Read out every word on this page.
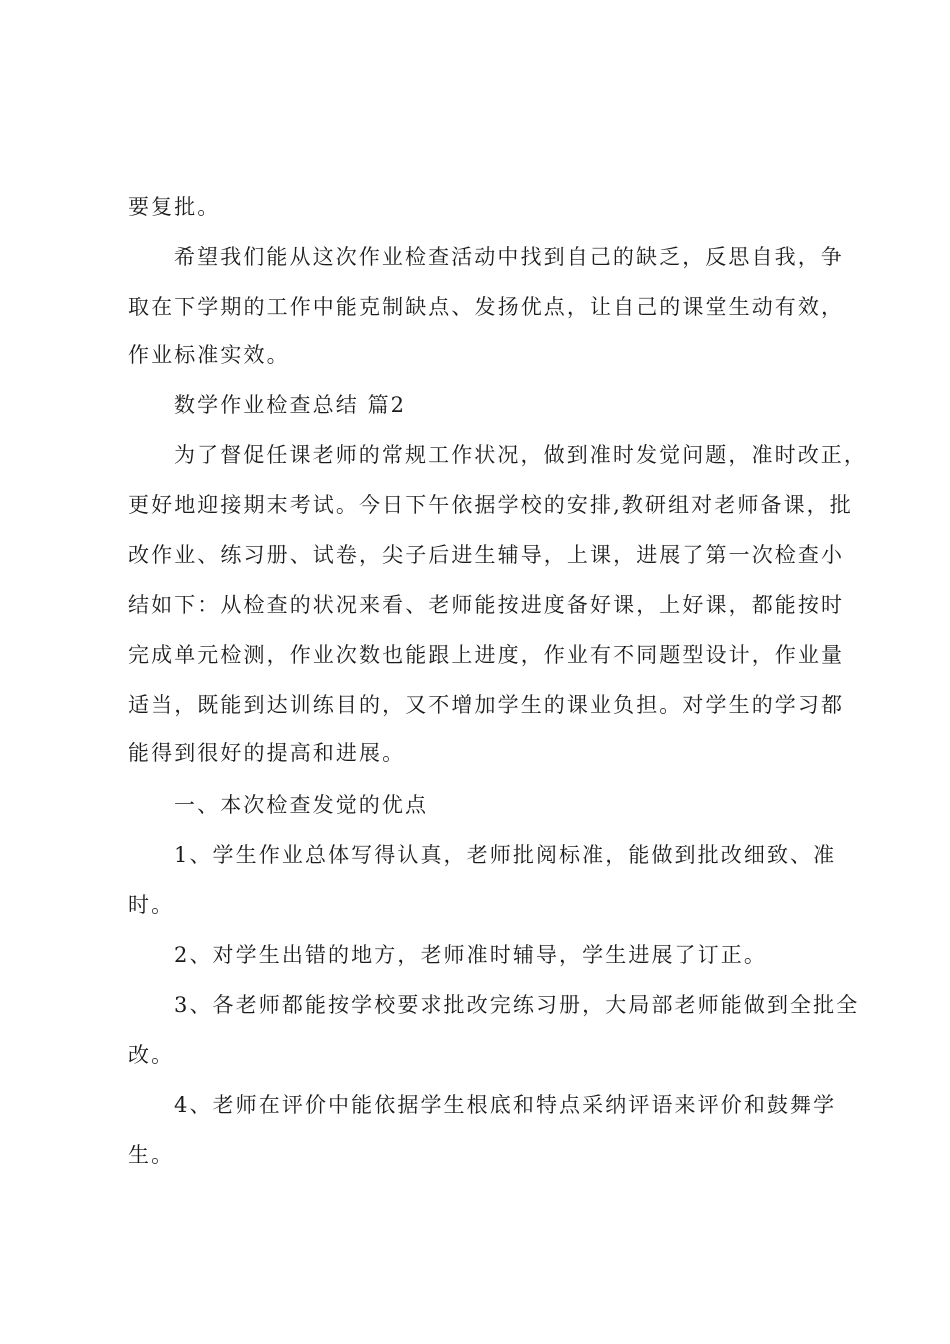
要复批。
希望我们能从这次作业检查活动中找到自己的缺乏，反思自我，争
取在下学期的工作中能克制缺点、发扬优点，让自己的课堂生动有效，
作业标准实效。
数学作业检查总结 篇2
为了督促任课老师的常规工作状况，做到准时发觉问题，准时改正，
更好地迎接期末考试。今日下午依据学校的安排,教研组对老师备课，批
改作业、练习册、试卷，尖子后进生辅导，上课，进展了第一次检查小
结如下：从检查的状况来看、老师能按进度备好课，上好课，都能按时
完成单元检测，作业次数也能跟上进度，作业有不同题型设计，作业量
适当，既能到达训练目的，又不增加学生的课业负担。对学生的学习都
能得到很好的提高和进展。
一、本次检查发觉的优点
1、学生作业总体写得认真，老师批阅标准，能做到批改细致、准
时。
2、对学生出错的地方，老师准时辅导，学生进展了订正。
3、各老师都能按学校要求批改完练习册，大局部老师能做到全批全
改。
4、老师在评价中能依据学生根底和特点采纳评语来评价和鼓舞学
生。
